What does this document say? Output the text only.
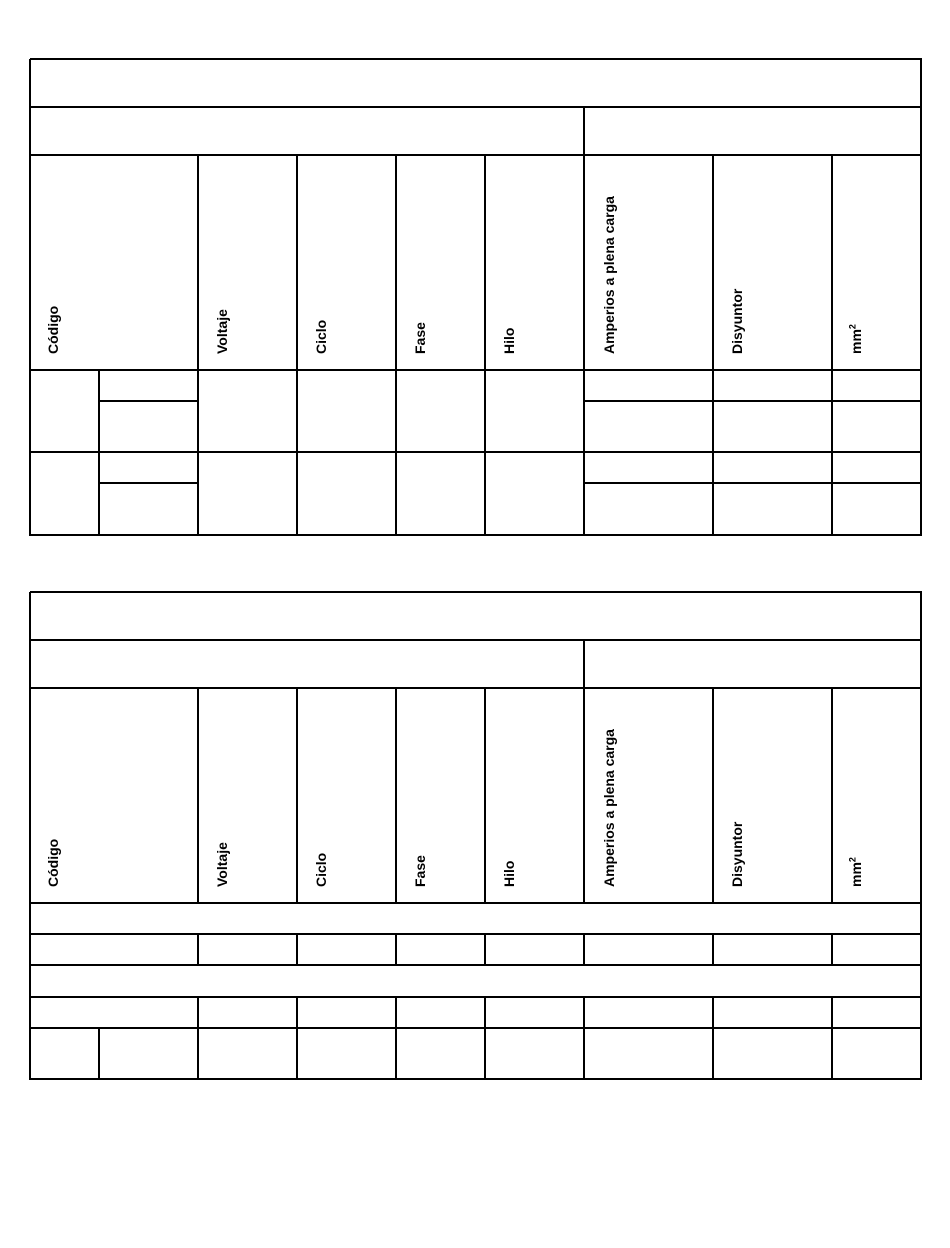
Código	Voltaje	Ciclo	Fase	Hilo	Amperios a plena carga	Disyuntor	$mm^2$
Código	Voltaje	Ciclo	Fase	Hilo	Amperios a plena carga	Disyuntor	$mm^2$
